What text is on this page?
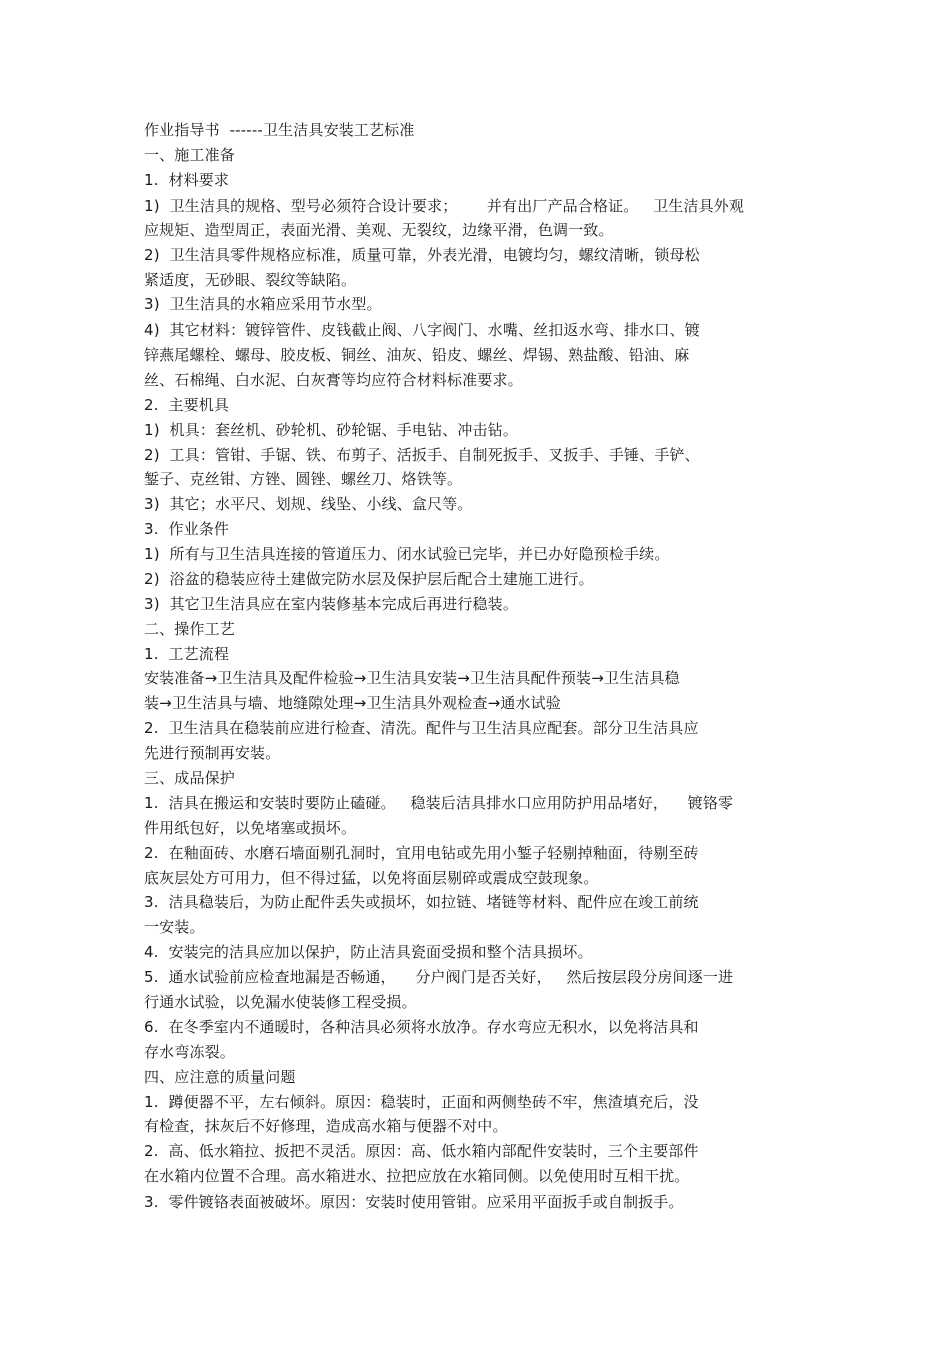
作业指导书  ------卫生洁具安装工艺标准
一、施工准备
1.  材料要求
1)  卫生洁具的规格、型号必须符合设计要求；      并有出厂产品合格证。   卫生洁具外观
应规矩、造型周正，表面光滑、美观、无裂纹，边缘平滑，色调一致。
2)  卫生洁具零件规格应标准，质量可靠，外表光滑，电镀均匀，螺纹清晰，锁母松
紧适度，无砂眼、裂纹等缺陷。
3)  卫生洁具的水箱应采用节水型。
4)  其它材料：镀锌管件、皮钱截止阀、八字阀门、水嘴、丝扣返水弯、排水口、镀
锌燕尾螺栓、螺母、胶皮板、铜丝、油灰、铅皮、螺丝、焊锡、熟盐酸、铅油、麻
丝、石棉绳、白水泥、白灰膏等均应符合材料标准要求。
2.  主要机具
1)  机具：套丝机、砂轮机、砂轮锯、手电钻、冲击钻。
2)  工具：管钳、手锯、铁、布剪子、活扳手、自制死扳手、叉扳手、手锤、手铲、
錾子、克丝钳、方锉、圆锉、螺丝刀、烙铁等。
3)  其它；水平尺、划规、线坠、小线、盒尺等。
3.  作业条件
1)  所有与卫生洁具连接的管道压力、闭水试验已完毕，并已办好隐预检手续。
2)  浴盆的稳装应待土建做完防水层及保护层后配合土建施工进行。
3)  其它卫生洁具应在室内装修基本完成后再进行稳装。
二、操作工艺
1.  工艺流程
安装准备→卫生洁具及配件检验→卫生洁具安装→卫生洁具配件预装→卫生洁具稳
装→卫生洁具与墙、地缝隙处理→卫生洁具外观检查→通水试验
2.  卫生洁具在稳装前应进行检查、清洗。配件与卫生洁具应配套。部分卫生洁具应
先进行预制再安装。
三、成品保护
1.  洁具在搬运和安装时要防止磕碰。   稳装后洁具排水口应用防护用品堵好，    镀铬零
件用纸包好，以免堵塞或损坏。
2.  在釉面砖、水磨石墙面剔孔洞时，宜用电钻或先用小錾子轻剔掉釉面，待剔至砖
底灰层处方可用力，但不得过猛，以免将面层剔碎或震成空鼓现象。
3.  洁具稳装后，为防止配件丢失或损坏，如拉链、堵链等材料、配件应在竣工前统
一安装。
4.  安装完的洁具应加以保护，防止洁具瓷面受损和整个洁具损坏。
5.  通水试验前应检查地漏是否畅通，    分户阀门是否关好，   然后按层段分房间逐一进
行通水试验，以免漏水使装修工程受损。
6.  在冬季室内不通暖时，各种洁具必须将水放净。存水弯应无积水，以免将洁具和
存水弯冻裂。
四、应注意的质量问题
1.  蹲便器不平，左右倾斜。原因：稳装时，正面和两侧垫砖不牢，焦渣填充后，没
有检查，抹灰后不好修理，造成高水箱与便器不对中。
2.  高、低水箱拉、扳把不灵活。原因：高、低水箱内部配件安装时，三个主要部件
在水箱内位置不合理。高水箱进水、拉把应放在水箱同侧。以免使用时互相干扰。
3.  零件镀铬表面被破坏。原因：安装时使用管钳。应采用平面扳手或自制扳手。
